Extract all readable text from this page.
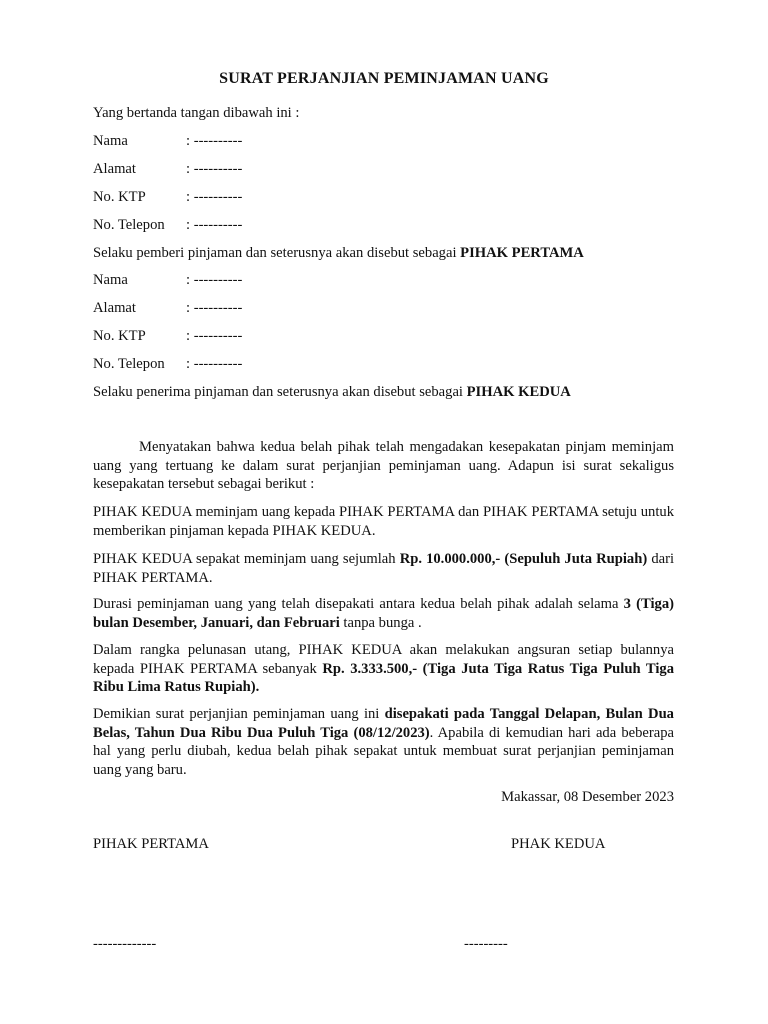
SURAT PERJANJIAN PEMINJAMAN UANG
Yang bertanda tangan dibawah ini :
Nama	: ----------
Alamat	: ----------
No. KTP	: ----------
No. Telepon : ----------
Selaku pemberi pinjaman dan seterusnya akan disebut sebagai PIHAK PERTAMA
Nama	: ----------
Alamat	: ----------
No. KTP	: ----------
No. Telepon : ----------
Selaku penerima pinjaman dan seterusnya akan disebut sebagai PIHAK KEDUA
Menyatakan bahwa kedua belah pihak telah mengadakan kesepakatan pinjam meminjam uang yang tertuang ke dalam surat perjanjian peminjaman uang. Adapun isi surat sekaligus kesepakatan tersebut sebagai berikut :
PIHAK KEDUA meminjam uang kepada PIHAK PERTAMA dan PIHAK PERTAMA setuju untuk memberikan pinjaman kepada PIHAK KEDUA.
PIHAK KEDUA sepakat meminjam uang sejumlah Rp. 10.000.000,- (Sepuluh Juta Rupiah) dari PIHAK PERTAMA.
Durasi peminjaman uang yang telah disepakati antara kedua belah pihak adalah selama 3 (Tiga) bulan Desember, Januari, dan Februari tanpa bunga .
Dalam rangka pelunasan utang, PIHAK KEDUA akan melakukan angsuran setiap bulannya kepada PIHAK PERTAMA sebanyak Rp. 3.333.500,- (Tiga Juta Tiga Ratus Tiga Puluh Tiga Ribu Lima Ratus Rupiah).
Demikian surat perjanjian peminjaman uang ini disepakati pada Tanggal Delapan, Bulan Dua Belas, Tahun Dua Ribu Dua Puluh Tiga (08/12/2023). Apabila di kemudian hari ada beberapa hal yang perlu diubah, kedua belah pihak sepakat untuk membuat surat perjanjian peminjaman uang yang baru.
Makassar, 08 Desember 2023
PIHAK PERTAMA	PHAK KEDUA
-------------	---------
